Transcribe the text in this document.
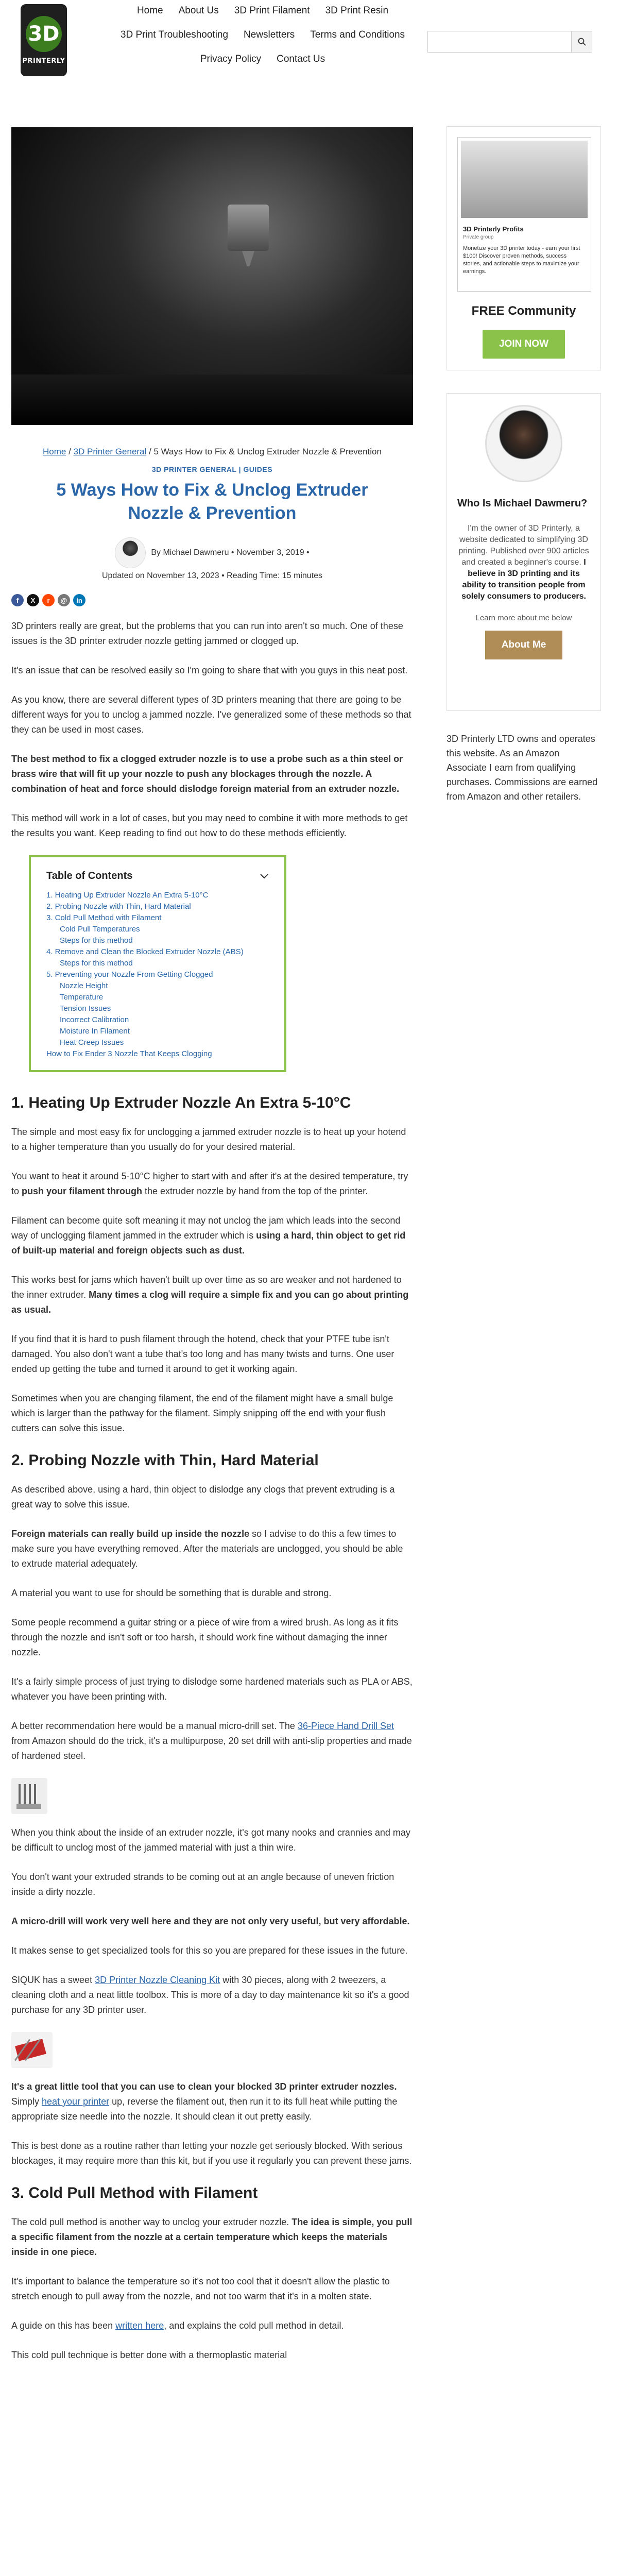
3D
PRINTERLY
Home About Us 3D Print Filament 3D Print Resin
3D Print Troubleshooting Newsletters Terms and Conditions
Privacy Policy Contact Us
Home / 3D Printer General / 5 Ways How to Fix & Unclog Extruder Nozzle & Prevention
3D PRINTER GENERAL | GUIDES
5 Ways How to Fix & Unclog Extruder Nozzle & Prevention
By Michael Dawmeru • November 3, 2019 •
Updated on November 13, 2023 • Reading Time: 15 minutes
f	X	r	@	in

3D printers really are great, but the problems that you can run into aren't so much. One of these issues is the 3D printer extruder nozzle getting jammed or clogged up.

It's an issue that can be resolved easily so I'm going to share that with you guys in this neat post.

As you know, there are several different types of 3D printers meaning that there are going to be different ways for you to unclog a jammed nozzle. I've generalized some of these methods so that they can be used in most cases.

The best method to fix a clogged extruder nozzle is to use a probe such as a thin steel or brass wire that will fit up your nozzle to push any blockages through the nozzle. A combination of heat and force should dislodge foreign material from an extruder nozzle.

This method will work in a lot of cases, but you may need to combine it with more methods to get the results you want. Keep reading to find out how to do these methods efficiently.

Table of Contents
1. Heating Up Extruder Nozzle An Extra 5-10°C
2. Probing Nozzle with Thin, Hard Material
3. Cold Pull Method with Filament
Cold Pull Temperatures
Steps for this method
4. Remove and Clean the Blocked Extruder Nozzle (ABS)
Steps for this method
5. Preventing your Nozzle From Getting Clogged
Nozzle Height
Temperature
Tension Issues
Incorrect Calibration
Moisture In Filament
Heat Creep Issues
How to Fix Ender 3 Nozzle That Keeps Clogging
1. Heating Up Extruder Nozzle An Extra 5-10°C

The simple and most easy fix for unclogging a jammed extruder nozzle is to heat up your hotend to a higher temperature than you usually do for your desired material.

You want to heat it around 5-10°C higher to start with and after it's at the desired temperature, try to push your filament through the extruder nozzle by hand from the top of the printer.

Filament can become quite soft meaning it may not unclog the jam which leads into the second way of unclogging filament jammed in the extruder which is using a hard, thin object to get rid of built-up material and foreign objects such as dust.

This works best for jams which haven't built up over time as so are weaker and not hardened to the inner extruder. Many times a clog will require a simple fix and you can go about printing as usual.

If you find that it is hard to push filament through the hotend, check that your PTFE tube isn't damaged. You also don't want a tube that's too long and has many twists and turns. One user ended up getting the tube and turned it around to get it working again.

Sometimes when you are changing filament, the end of the filament might have a small bulge which is larger than the pathway for the filament. Simply snipping off the end with your flush cutters can solve this issue.

2. Probing Nozzle with Thin, Hard Material

As described above, using a hard, thin object to dislodge any clogs that prevent extruding is a great way to solve this issue.

Foreign materials can really build up inside the nozzle so I advise to do this a few times to make sure you have everything removed. After the materials are unclogged, you should be able to extrude material adequately.

A material you want to use for should be something that is durable and strong.

Some people recommend a guitar string or a piece of wire from a wired brush. As long as it fits through the nozzle and isn't soft or too harsh, it should work fine without damaging the inner nozzle.

It's a fairly simple process of just trying to dislodge some hardened materials such as PLA or ABS, whatever you have been printing with.

A better recommendation here would be a manual micro-drill set. The 36-Piece Hand Drill Set from Amazon should do the trick, it's a multipurpose, 20 set drill with anti-slip properties and made of hardened steel.

When you think about the inside of an extruder nozzle, it's got many nooks and crannies and may be difficult to unclog most of the jammed material with just a thin wire.

You don't want your extruded strands to be coming out at an angle because of uneven friction inside a dirty nozzle.

A micro-drill will work very well here and they are not only very useful, but very affordable.

It makes sense to get specialized tools for this so you are prepared for these issues in the future.

SIQUK has a sweet 3D Printer Nozzle Cleaning Kit with 30 pieces, along with 2 tweezers, a cleaning cloth and a neat little toolbox. This is more of a day to day maintenance kit so it's a good purchase for any 3D printer user.

It's a great little tool that you can use to clean your blocked 3D printer extruder nozzles. Simply heat your printer up, reverse the filament out, then run it to its full heat while putting the appropriate size needle into the nozzle. It should clean it out pretty easily.

This is best done as a routine rather than letting your nozzle get seriously blocked. With serious blockages, it may require more than this kit, but if you use it regularly you can prevent these jams.

3. Cold Pull Method with Filament

The cold pull method is another way to unclog your extruder nozzle. The idea is simple, you pull a specific filament from the nozzle at a certain temperature which keeps the materials inside in one piece.

It's important to balance the temperature so it's not too cool that it doesn't allow the plastic to stretch enough to pull away from the nozzle, and not too warm that it's in a molten state.

A guide on this has been written here, and explains the cold pull method in detail.

This cold pull technique is better done with a thermoplastic material

3D Printerly Profits
Private group
Monetize your 3D printer today - earn your first $100! Discover proven methods, success stories, and actionable steps to maximize your earnings.
FREE Community
JOIN NOW
Who Is Michael Dawmeru?
I'm the owner of 3D Printerly, a website dedicated to simplifying 3D printing. Published over 900 articles and created a beginner's course. I believe in 3D printing and its ability to transition people from solely consumers to producers.
Learn more about me below
About Me
3D Printerly LTD owns and operates this website. As an Amazon Associate I earn from qualifying purchases. Commissions are earned from Amazon and other retailers.
